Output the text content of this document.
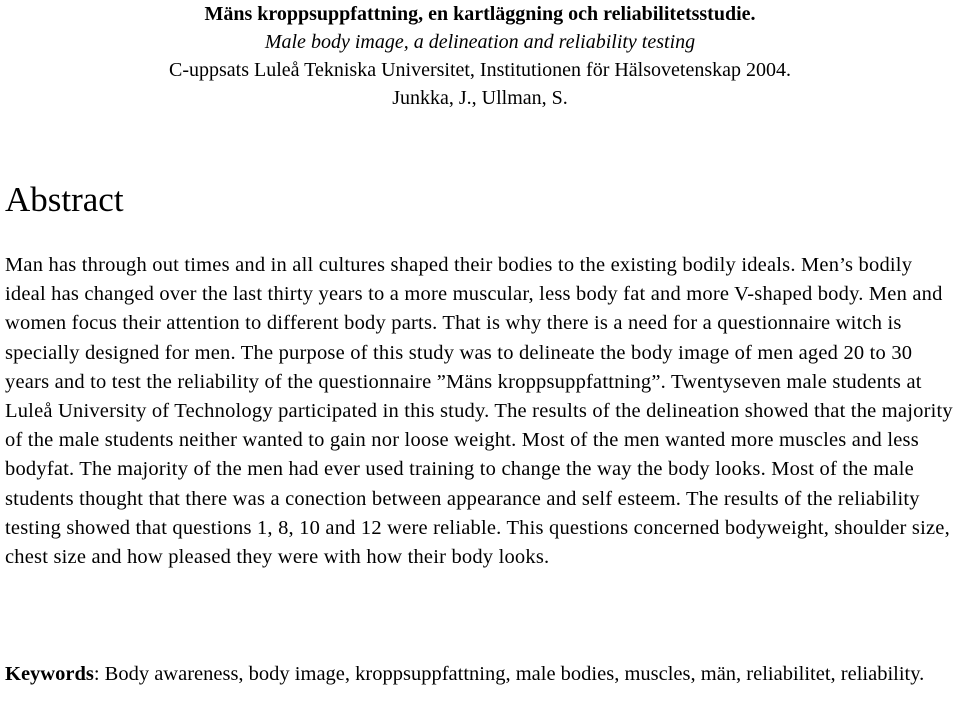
Mäns kroppsuppfattning, en kartläggning och reliabilitetsstudie.
Male body image, a delineation and reliability testing
C-uppsats Luleå Tekniska Universitet, Institutionen för Hälsovetenskap 2004.
Junkka, J., Ullman, S.
Abstract

Man has through out times and in all cultures shaped their bodies to the existing bodily ideals. Men’s bodily ideal has changed over the last thirty years to a more muscular, less body fat and more V-shaped body. Men and women focus their attention to different body parts. That is why there is a need for a questionnaire witch is specially designed for men. The purpose of this study was to delineate the body image of men aged 20 to 30 years and to test the reliability of the questionnaire ”Mäns kroppsuppfattning”. Twentyseven male students at Luleå University of Technology participated in this study. The results of the delineation showed that the majority of the male students neither wanted to gain nor loose weight. Most of the men wanted more muscles and less bodyfat. The majority of the men had ever used training to change the way the body looks. Most of the male students thought that there was a conection between appearance and self esteem. The results of the reliability testing showed that questions 1, 8, 10 and 12 were reliable. This questions concerned bodyweight, shoulder size, chest size and how pleased they were with how their body looks.

Keywords: Body awareness, body image, kroppsuppfattning, male bodies, muscles, män, reliabilitet, reliability.
